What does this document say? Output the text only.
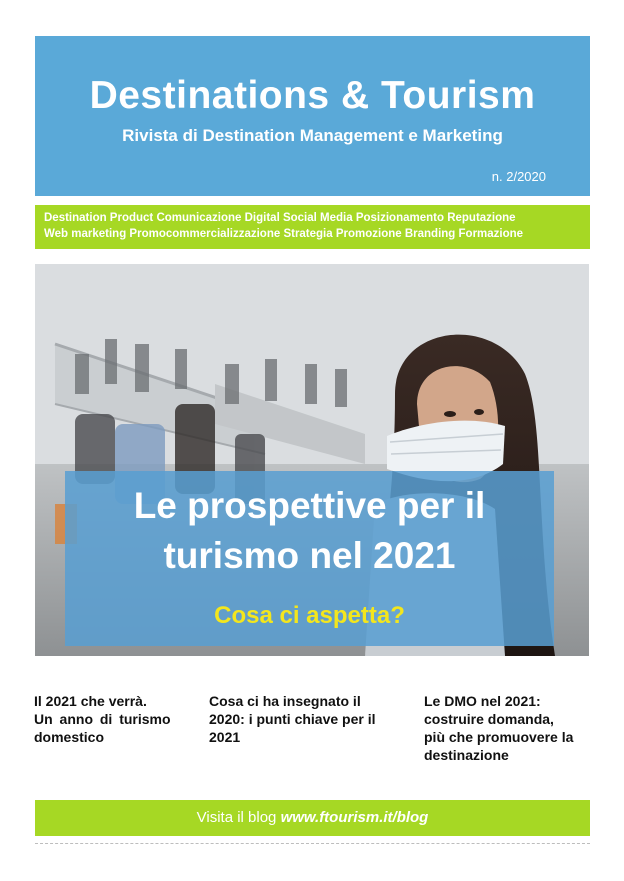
Destinations & Tourism
Rivista di Destination Management e Marketing
n. 2/2020
Destination Product Comunicazione Digital Social Media Posizionamento Reputazione
Web marketing Promocommercializzazione Strategia Promozione Branding Formazione
Le prospettive per il
turismo nel 2021
Cosa ci aspetta?
Il 2021 che verrà.
Un anno di turismo
domestico
Cosa ci ha insegnato il
2020: i punti chiave per il
2021
Le DMO nel 2021:
costruire domanda,
più che promuovere la
destinazione
Visita il blog www.ftourism.it/blog
